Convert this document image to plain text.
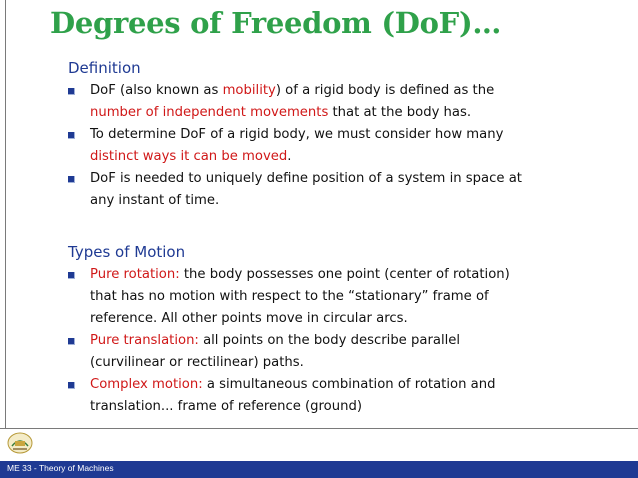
Degrees of Freedom (DoF)…
Definition
DoF (also known as mobility) of a rigid body is defined as the
number of independent movements that at the body has.
To determine DoF of a rigid body, we must consider how many
distinct ways it can be moved.
DoF is needed to uniquely define position of a system in space at any instant of time.
Types of Motion
Pure rotation: the body possesses one point (center of rotation) that has no motion with respect to the “stationary” frame of reference. All other points move in circular arcs.
Pure translation: all points on the body describe parallel (curvilinear or rectilinear) paths.
Complex motion: a simultaneous combination of rotation and translation... frame of reference (ground)
ME 33 - Theory of Machines
